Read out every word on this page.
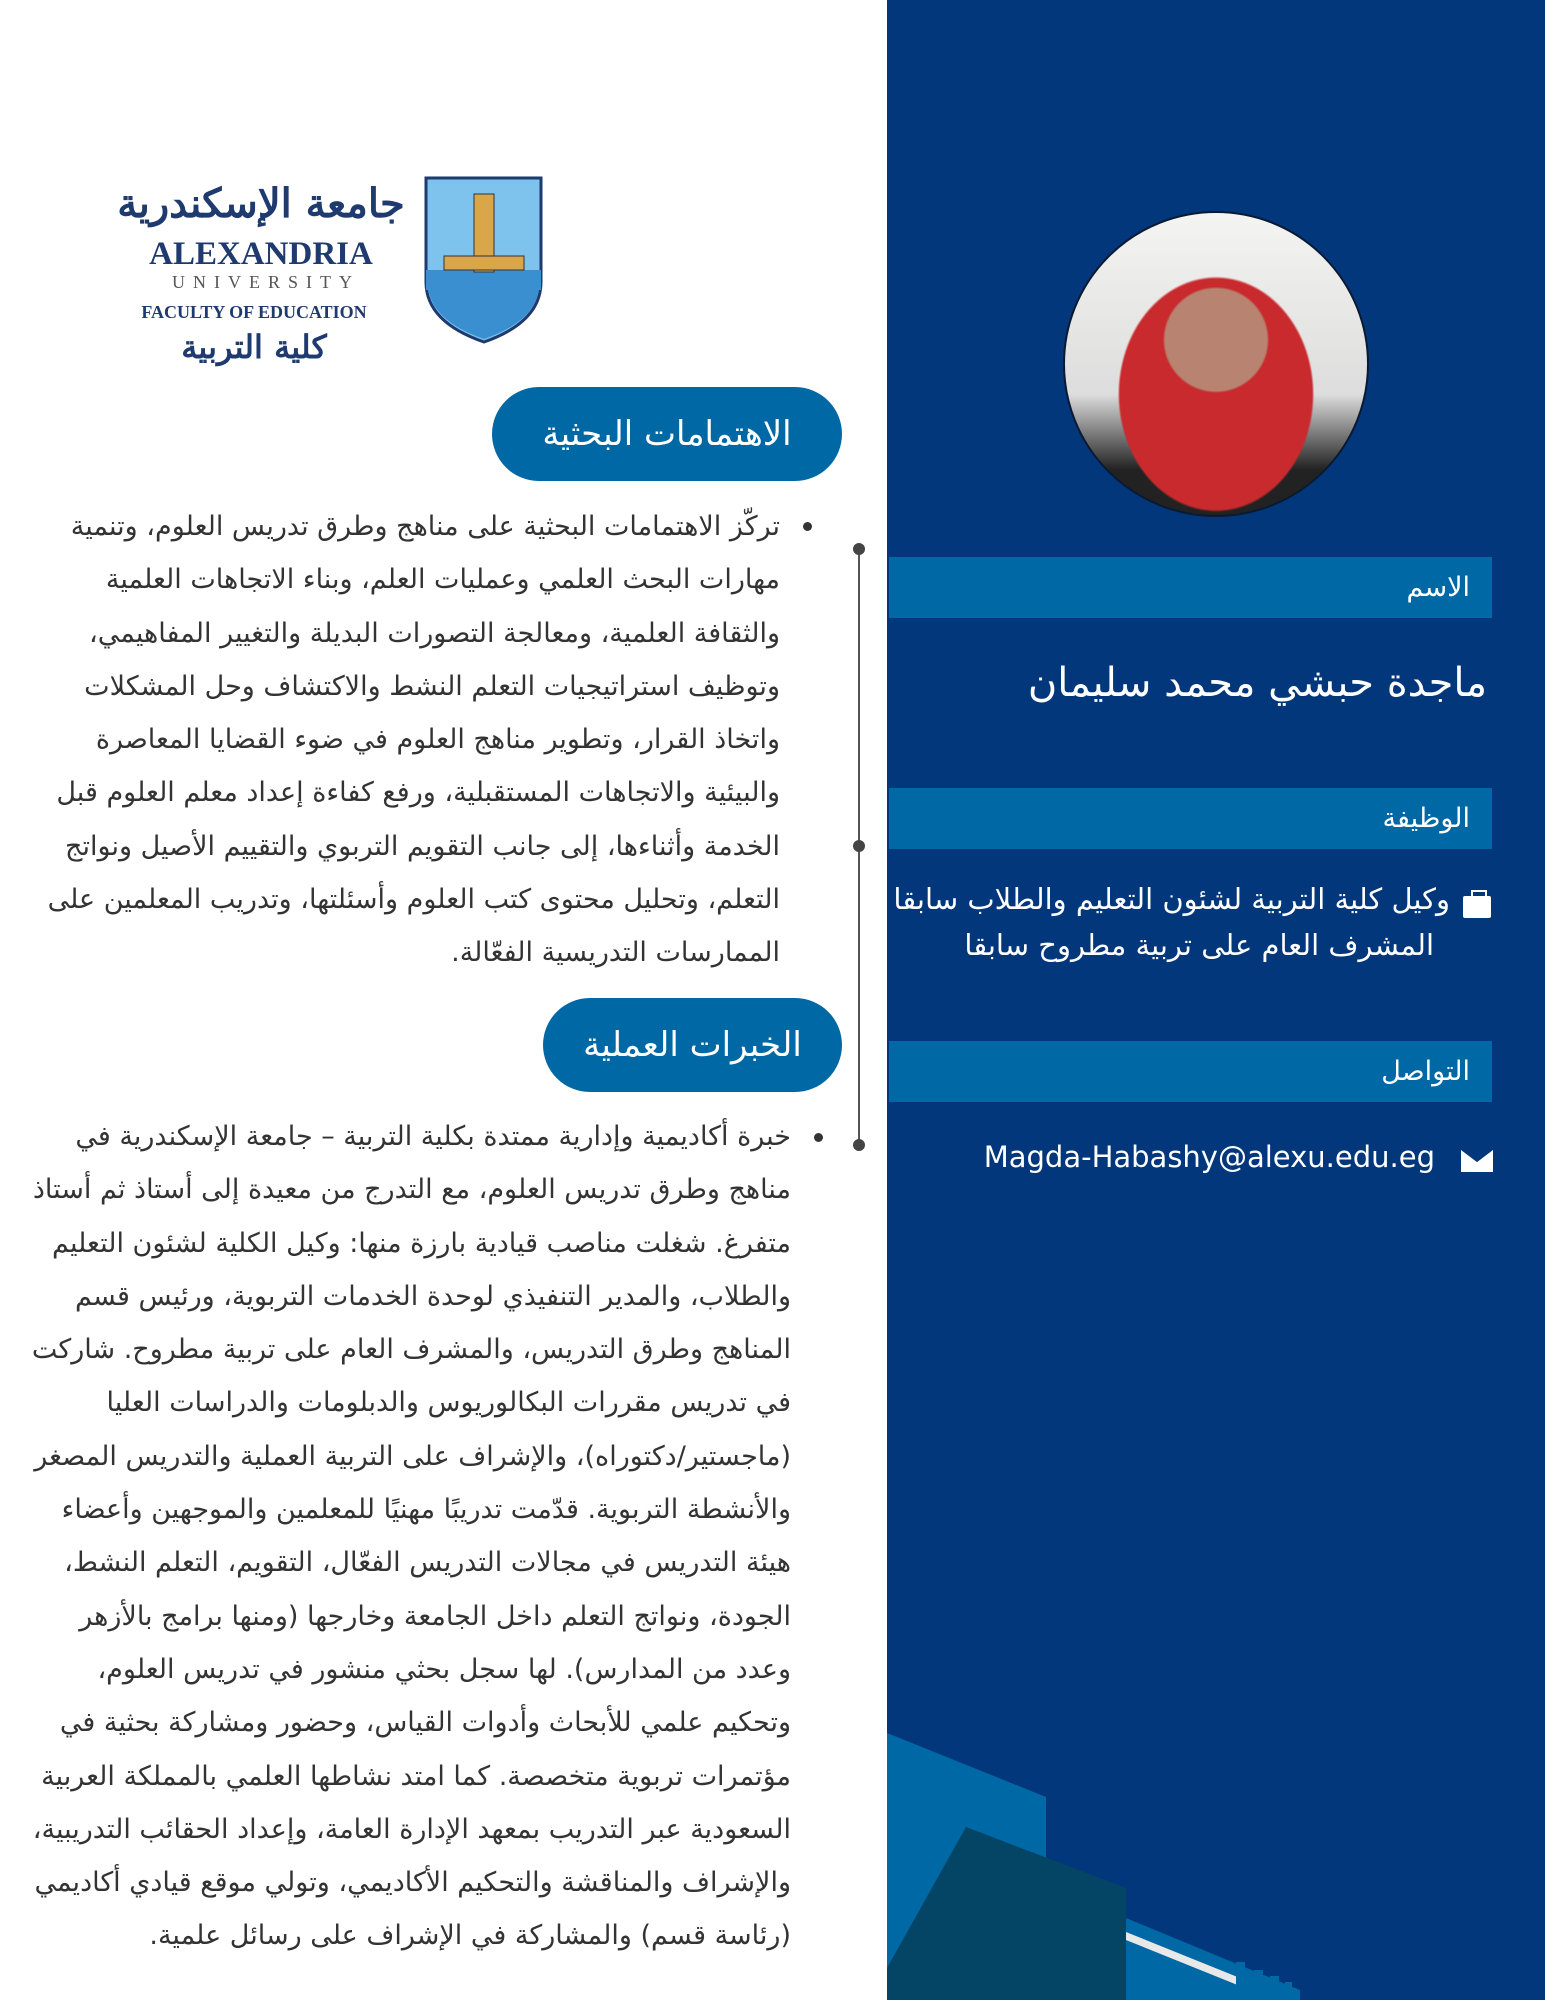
الاسم
ماجدة حبشي محمد سليمان
الوظيفة
وكيل كلية التربية لشئون التعليم والطلاب سابقا
المشرف العام على تربية مطروح سابقا
التواصل
Magda-Habashy@alexu.edu.eg
جامعة الإسكندرية
ALEXANDRIA
UNIVERSITY
FACULTY OF EDUCATION
كلية التربية
الاهتمامات البحثية
الخبرات العملية
تركّز الاهتمامات البحثية على مناهج وطرق تدريس العلوم، وتنمية مهارات البحث العلمي وعمليات العلم، وبناء الاتجاهات العلمية والثقافة العلمية، ومعالجة التصورات البديلة والتغيير المفاهيمي، وتوظيف استراتيجيات التعلم النشط والاكتشاف وحل المشكلات واتخاذ القرار، وتطوير مناهج العلوم في ضوء القضايا المعاصرة والبيئية والاتجاهات المستقبلية، ورفع كفاءة إعداد معلم العلوم قبل الخدمة وأثناءها، إلى جانب التقويم التربوي والتقييم الأصيل ونواتج التعلم، وتحليل محتوى كتب العلوم وأسئلتها، وتدريب المعلمين على الممارسات التدريسية الفعّالة.
خبرة أكاديمية وإدارية ممتدة بكلية التربية – جامعة الإسكندرية في مناهج وطرق تدريس العلوم، مع التدرج من معيدة إلى أستاذ ثم أستاذ متفرغ. شغلت مناصب قيادية بارزة منها: وكيل الكلية لشئون التعليم والطلاب، والمدير التنفيذي لوحدة الخدمات التربوية، ورئيس قسم المناهج وطرق التدريس، والمشرف العام على تربية مطروح. شاركت في تدريس مقررات البكالوريوس والدبلومات والدراسات العليا (ماجستير/دكتوراه)، والإشراف على التربية العملية والتدريس المصغر والأنشطة التربوية. قدّمت تدريبًا مهنيًا للمعلمين والموجهين وأعضاء هيئة التدريس في مجالات التدريس الفعّال، التقويم، التعلم النشط، الجودة، ونواتج التعلم داخل الجامعة وخارجها (ومنها برامج بالأزهر وعدد من المدارس). لها سجل بحثي منشور في تدريس العلوم، وتحكيم علمي للأبحاث وأدوات القياس، وحضور ومشاركة بحثية في مؤتمرات تربوية متخصصة. كما امتد نشاطها العلمي بالمملكة العربية السعودية عبر التدريب بمعهد الإدارة العامة، وإعداد الحقائب التدريبية، والإشراف والمناقشة والتحكيم الأكاديمي، وتولي موقع قيادي أكاديمي (رئاسة قسم) والمشاركة في الإشراف على رسائل علمية.
